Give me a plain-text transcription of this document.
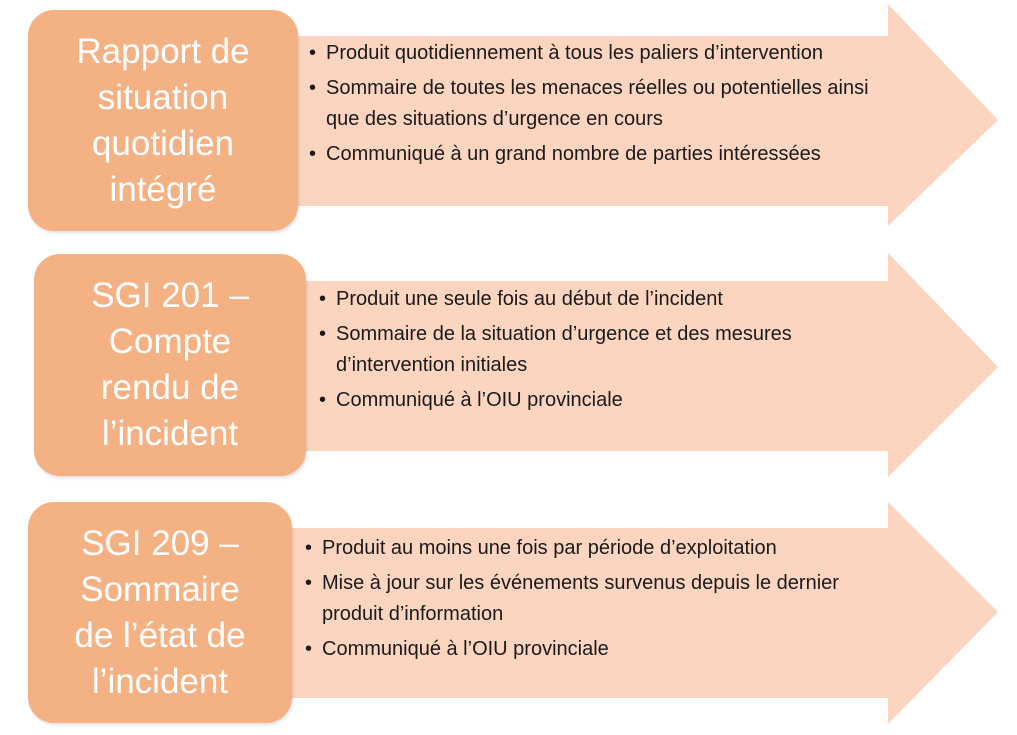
Rapport de
situation
quotidien
intégré
• Produit quotidiennement à tous les paliers d’intervention
• Sommaire de toutes les menaces réelles ou potentielles ainsi que des situations d’urgence en cours
• Communiqué à un grand nombre de parties intéressées
SGI 201 –
Compte
rendu de
l’incident
• Produit une seule fois au début de l’incident
• Sommaire de la situation d’urgence et des mesures d’intervention initiales
• Communiqué à l’OIU provinciale
SGI 209 –
Sommaire
de l’état de
l’incident
• Produit au moins une fois par période d’exploitation
• Mise à jour sur les événements survenus depuis le dernier produit d’information
• Communiqué à l’OIU provinciale
